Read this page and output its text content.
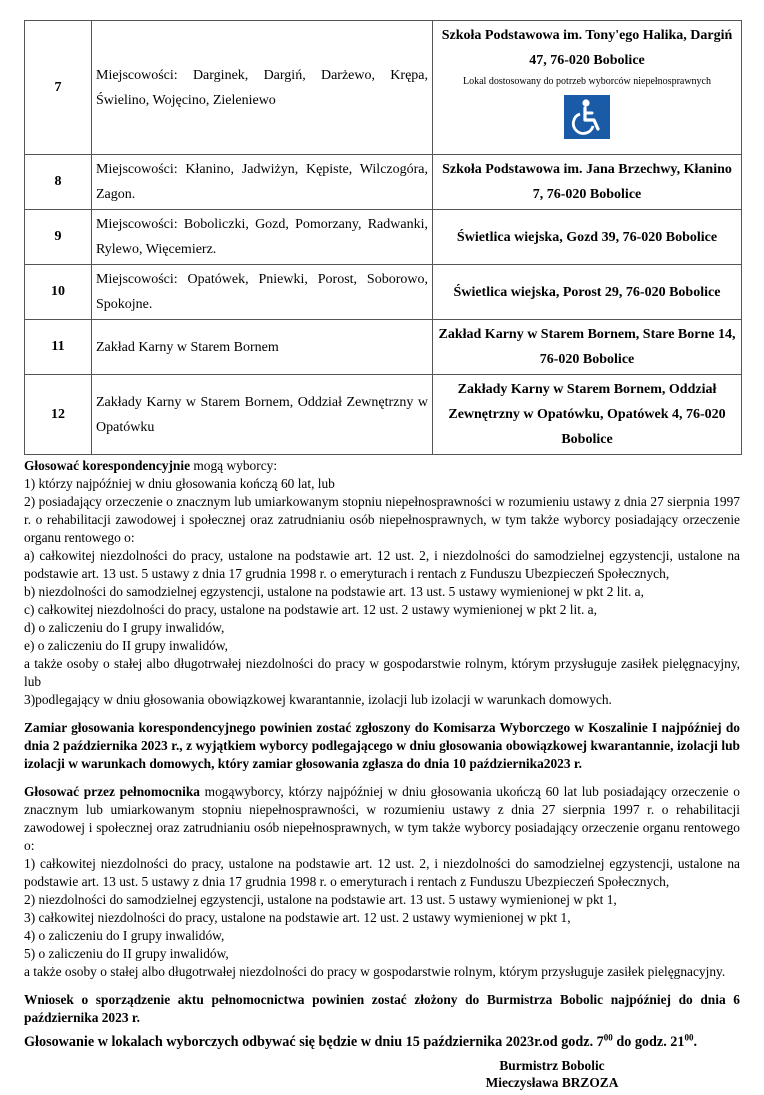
7	Miejscowości: Darginek, Dargiń, Darżewo, Krępa, Świelino, Wojęcino, Zieleniewo	Szkoła Podstawowa im. Tony'ego Halika, Dargiń 47, 76-020 Bobolice
Lokal dostosowany do potrzeb wyborców niepełnosprawnych

8	Miejscowości: Kłanino, Jadwiżyn, Kępiste, Wilczogóra, Zagon.	Szkoła Podstawowa im. Jana Brzechwy, Kłanino 7, 76-020 Bobolice
9	Miejscowości: Boboliczki, Gozd, Pomorzany, Radwanki, Rylewo, Więcemierz.	Świetlica wiejska, Gozd 39, 76-020 Bobolice
10	Miejscowości: Opatówek, Pniewki, Porost, Soborowo, Spokojne.	Świetlica wiejska, Porost 29, 76-020 Bobolice
11	Zakład Karny w Starem Bornem	Zakład Karny w Starem Bornem, Stare Borne 14, 76-020 Bobolice
12	Zakłady Karny w Starem Bornem, Oddział Zewnętrzny w Opatówku	Zakłady Karny w Starem Bornem, Oddział Zewnętrzny w Opatówku, Opatówek 4, 76-020 Bobolice

Głosować korespondencyjnie mogą wyborcy:

1) którzy najpóźniej w dniu głosowania kończą 60 lat, lub

2) posiadający orzeczenie o znacznym lub umiarkowanym stopniu niepełnosprawności w rozumieniu ustawy z dnia 27 sierpnia 1997 r. o rehabilitacji zawodowej i społecznej oraz zatrudnianiu osób niepełnosprawnych, w tym także wyborcy posiadający orzeczenie organu rentowego o:

a) całkowitej niezdolności do pracy, ustalone na podstawie art. 12 ust. 2, i niezdolności do samodzielnej egzystencji, ustalone na podstawie art. 13 ust. 5 ustawy z dnia 17 grudnia 1998 r. o emeryturach i rentach z Funduszu Ubezpieczeń Społecznych,

b) niezdolności do samodzielnej egzystencji, ustalone na podstawie art. 13 ust. 5 ustawy wymienionej w pkt 2 lit. a,

c) całkowitej niezdolności do pracy, ustalone na podstawie art. 12 ust. 2 ustawy wymienionej w pkt 2 lit. a,

d) o zaliczeniu do I grupy inwalidów,

e) o zaliczeniu do II grupy inwalidów,

a także osoby o stałej albo długotrwałej niezdolności do pracy w gospodarstwie rolnym, którym przysługuje zasiłek pielęgnacyjny, lub

3)podlegający w dniu głosowania obowiązkowej kwarantannie, izolacji lub izolacji w warunkach domowych.

Zamiar głosowania korespondencyjnego powinien zostać zgłoszony do Komisarza Wyborczego w Koszalinie I najpóźniej do dnia 2 października 2023 r., z wyjątkiem wyborcy podlegającego w dniu głosowania obowiązkowej kwarantannie, izolacji lub izolacji w warunkach domowych, który zamiar głosowania zgłasza do dnia 10 października2023 r.

Głosować przez pełnomocnika mogąwyborcy, którzy najpóźniej w dniu głosowania ukończą 60 lat lub posiadający orzeczenie o znacznym lub umiarkowanym stopniu niepełnosprawności, w rozumieniu ustawy z dnia 27 sierpnia 1997 r. o rehabilitacji zawodowej i społecznej oraz zatrudnianiu osób niepełnosprawnych, w tym także wyborcy posiadający orzeczenie organu rentowego o:

1) całkowitej niezdolności do pracy, ustalone na podstawie art. 12 ust. 2, i niezdolności do samodzielnej egzystencji, ustalone na podstawie art. 13 ust. 5 ustawy z dnia 17 grudnia 1998 r. o emeryturach i rentach z Funduszu Ubezpieczeń Społecznych,

2) niezdolności do samodzielnej egzystencji, ustalone na podstawie art. 13 ust. 5 ustawy wymienionej w pkt 1,

3) całkowitej niezdolności do pracy, ustalone na podstawie art. 12 ust. 2 ustawy wymienionej w pkt 1,

4) o zaliczeniu do I grupy inwalidów,

5) o zaliczeniu do II grupy inwalidów,

a także osoby o stałej albo długotrwałej niezdolności do pracy w gospodarstwie rolnym, którym przysługuje zasiłek pielęgnacyjny.

Wniosek o sporządzenie aktu pełnomocnictwa powinien zostać złożony do Burmistrza Bobolic najpóźniej do dnia 6 października 2023 r.

Głosowanie w lokalach wyborczych odbywać się będzie w dniu 15 października 2023r.od godz. $7^{00}$ do godz. $21^{00}$.

Burmistrz Bobolic
Mieczysława BRZOZA
